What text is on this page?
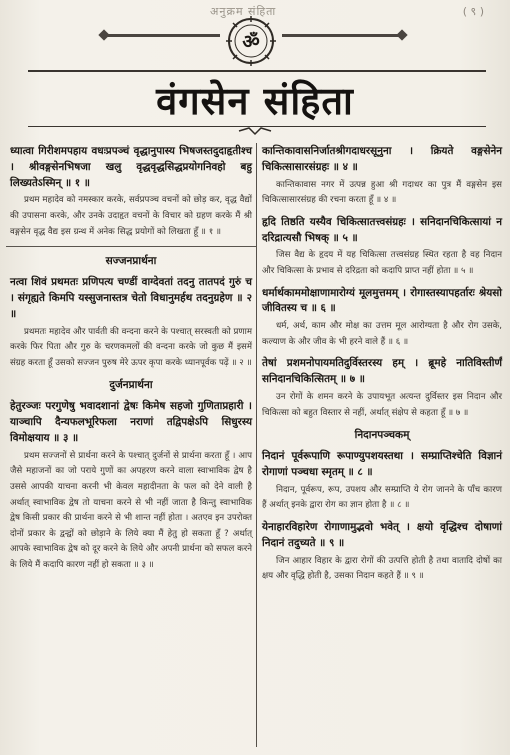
अनुक्रम संहिता	( ९ )
ॐ
वंगसेन संहिता

ध्यात्वा गिरीशमपहाय वधःप्रपञ्चं वृद्धानुपास्य भिषजस्तदुदाहृतीश्च । श्रीवङ्गसेनभिषजा खलु वृद्धवृद्धसिद्धप्रयोगनिवहो बहु लिख्यतेऽस्मिन् ॥ १ ॥

प्रथम महादेव को नमस्कार करके, सर्वप्रपञ्च वचनों को छोड़ कर, वृद्ध वैद्यों की उपासना करके, और उनके उदाहृत वचनों के विचार को ग्रहण करके मैं श्री वङ्गसेन वृद्ध वैद्य इस ग्रन्थ में अनेक सिद्ध प्रयोगों को लिखता हूँ ॥ १ ॥

सज्जनप्रार्थना

नत्वा शिवं प्रथमतः प्रणिपत्य चण्डीं वाग्देवतां तदनु तातपदं गुरुं च । संगृह्यते किमपि यस्सुजनास्तत्र चेतो विधानुमर्हथ तदनुग्रहेण ॥ २ ॥

प्रथमतः महादेव और पार्वती की वन्दना करने के पश्चात् सरस्वती को प्रणाम करके फिर पिता और गुरु के चरणकमलों की वन्दना करके जो कुछ मैं इसमें संग्रह करता हूँ उसको सज्जन पुरुष मेरे ऊपर कृपा करके ध्यानपूर्वक पढ़ें ॥ २ ॥

दुर्जनप्रार्थना

हेतुरञ्जः परगुणेषु भवादशानां द्वेषः किमेष सहजो गुणिताप्रहारी । याञ्चापि दैन्यफलभूरिफला नराणां तद्विपक्षेऽपि सिधुरस्य विमोक्षयाय ॥ ३ ॥

प्रथम सज्जनों से प्रार्थना करने के पश्चात् दुर्जनों से प्रार्थना करता हूँ । आप जैसे महाजनों का जो पराये गुणों का अपहरण करने वाला स्वाभाविक द्वेष है उससे आपकी याचना करनी भी केवल महादीनता के फल को देने वाली है अर्थात् स्वाभाविक द्वेष तो याचना करने से भी नहीं जाता है किन्तु स्वाभाविक द्वेष किसी प्रकार की प्रार्थना करने से भी शान्त नहीं होता । अतएव इन उपरोक्त दोनों प्रकार के द्वन्द्वों को छोड़ाने के लिये क्या मैं हेतु हो सकता हूँ ? अर्थात् आपके स्वाभाविक द्वेष को दूर करने के लिये और अपनी प्रार्थना को सफल करने के लिये मैं कदापि कारण नहीं हो सकता ॥ ३ ॥

कान्तिकावासनिर्जातश्रीगदाधरसूनुना । क्रियते वङ्गसेनेन चिकित्सासारसंग्रहः ॥ ४ ॥

कान्तिकावास नगर में उत्पन्न हुआ श्री गदाधर का पुत्र मैं वङ्गसेन इस चिकित्सासारसंग्रह की रचना करता हूँ ॥ ४ ॥

हृदि तिष्ठति यस्यैव चिकित्सातत्त्वसंग्रहः । सनिदानचिकित्सायां न दरिद्रात्यसौ भिषक् ॥ ५ ॥

जिस वैद्य के हृदय में यह चिकित्सा तत्त्वसंग्रह स्थित रहता है वह निदान और चिकित्सा के प्रभाव से दरिद्रता को कदापि प्राप्त नहीं होता ॥ ५ ॥

धर्मार्थकाममोक्षाणामारोग्यं मूलमुत्तमम् । रोगास्तस्यापहर्तारः श्रेयसो जीवितस्य च ॥ ६ ॥

धर्म, अर्थ, काम और मोक्ष का उत्तम मूल आरोग्यता है और रोग उसके, कल्याण के और जीव के भी हरने वाले हैं ॥ ६ ॥

तेषां प्रशमनोपायमतिदुर्विस्तरस्य हम् । ब्रूमहे नातिविस्तीर्णं सनिदानचिकित्सितम् ॥ ७ ॥

उन रोगों के शमन करने के उपायभूत अत्यन्त दुर्विस्तर इस निदान और चिकित्सा को बहुत विस्तार से नहीं, अर्थात् संक्षेप से कहता हूँ ॥ ७ ॥

निदानपञ्चकम्

निदानं पूर्वरूपाणि रूपाण्युपशयस्तथा । सम्प्राप्तिश्चेति विज्ञानं रोगाणां पञ्चधा स्मृतम् ॥ ८ ॥

निदान, पूर्वरूप, रूप, उपशय और सम्प्राप्ति ये रोग जानने के पाँच कारण हैं अर्थात् इनके द्वारा रोग का ज्ञान होता है ॥ ८ ॥

येनाहारविहारेण रोगाणामुद्भवो भवेत् । क्षयो वृद्धिश्च दोषाणां निदानं तदुच्यते ॥ ९ ॥

जिन आहार विहार के द्वारा रोगों की उत्पत्ति होती है तथा वातादि दोषों का क्षय और वृद्धि होती है, उसका निदान कहते हैं ॥ ९ ॥
